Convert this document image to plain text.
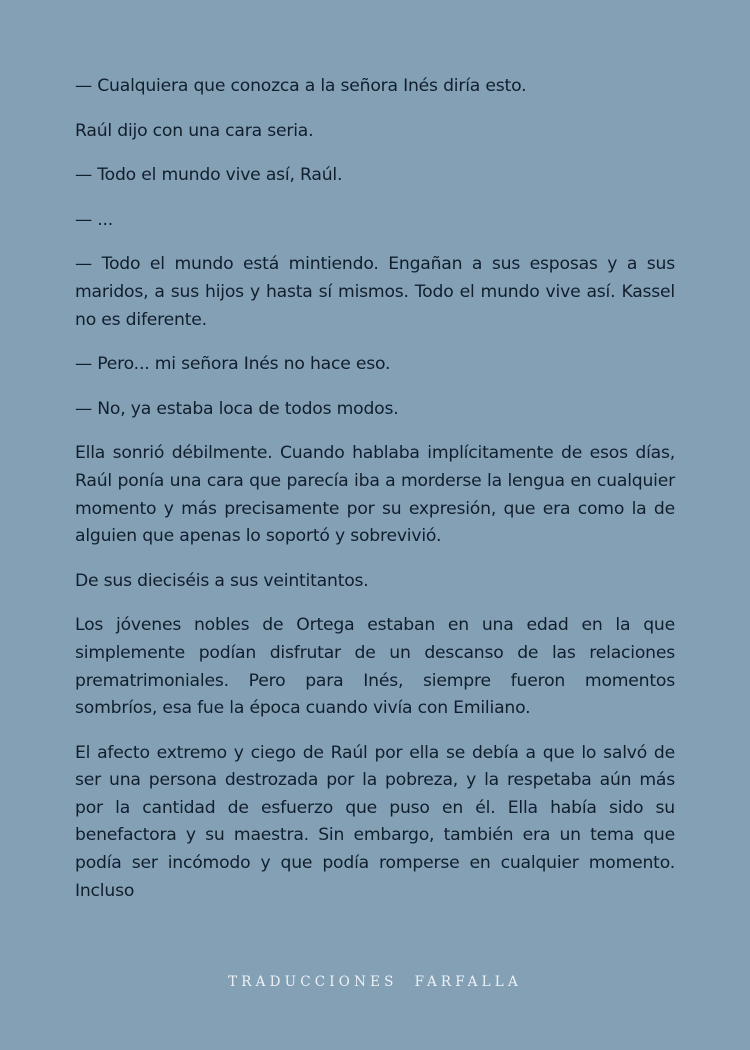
— Cualquiera que conozca a la señora Inés diría esto.

Raúl dijo con una cara seria.

— Todo el mundo vive así, Raúl.

— ...

— Todo el mundo está mintiendo. Engañan a sus esposas y a sus maridos, a sus hijos y hasta sí mismos. Todo el mundo vive así. Kassel no es diferente.

— Pero... mi señora Inés no hace eso.

— No, ya estaba loca de todos modos.

Ella sonrió débilmente. Cuando hablaba implícitamente de esos días, Raúl ponía una cara que parecía iba a morderse la lengua en cualquier momento y más precisamente por su expresión, que era como la de alguien que apenas lo soportó y sobrevivió.

De sus dieciséis a sus veintitantos.

Los jóvenes nobles de Ortega estaban en una edad en la que simplemente podían disfrutar de un descanso de las relaciones prematrimoniales. Pero para Inés, siempre fueron momentos sombríos, esa fue la época cuando vivía con Emiliano.

El afecto extremo y ciego de Raúl por ella se debía a que lo salvó de ser una persona destrozada por la pobreza, y la respetaba aún más por la cantidad de esfuerzo que puso en él. Ella había sido su benefactora y su maestra. Sin embargo, también era un tema que podía ser incómodo y que podía romperse en cualquier momento. Incluso

TRADUCCIONES  FARFALLA
